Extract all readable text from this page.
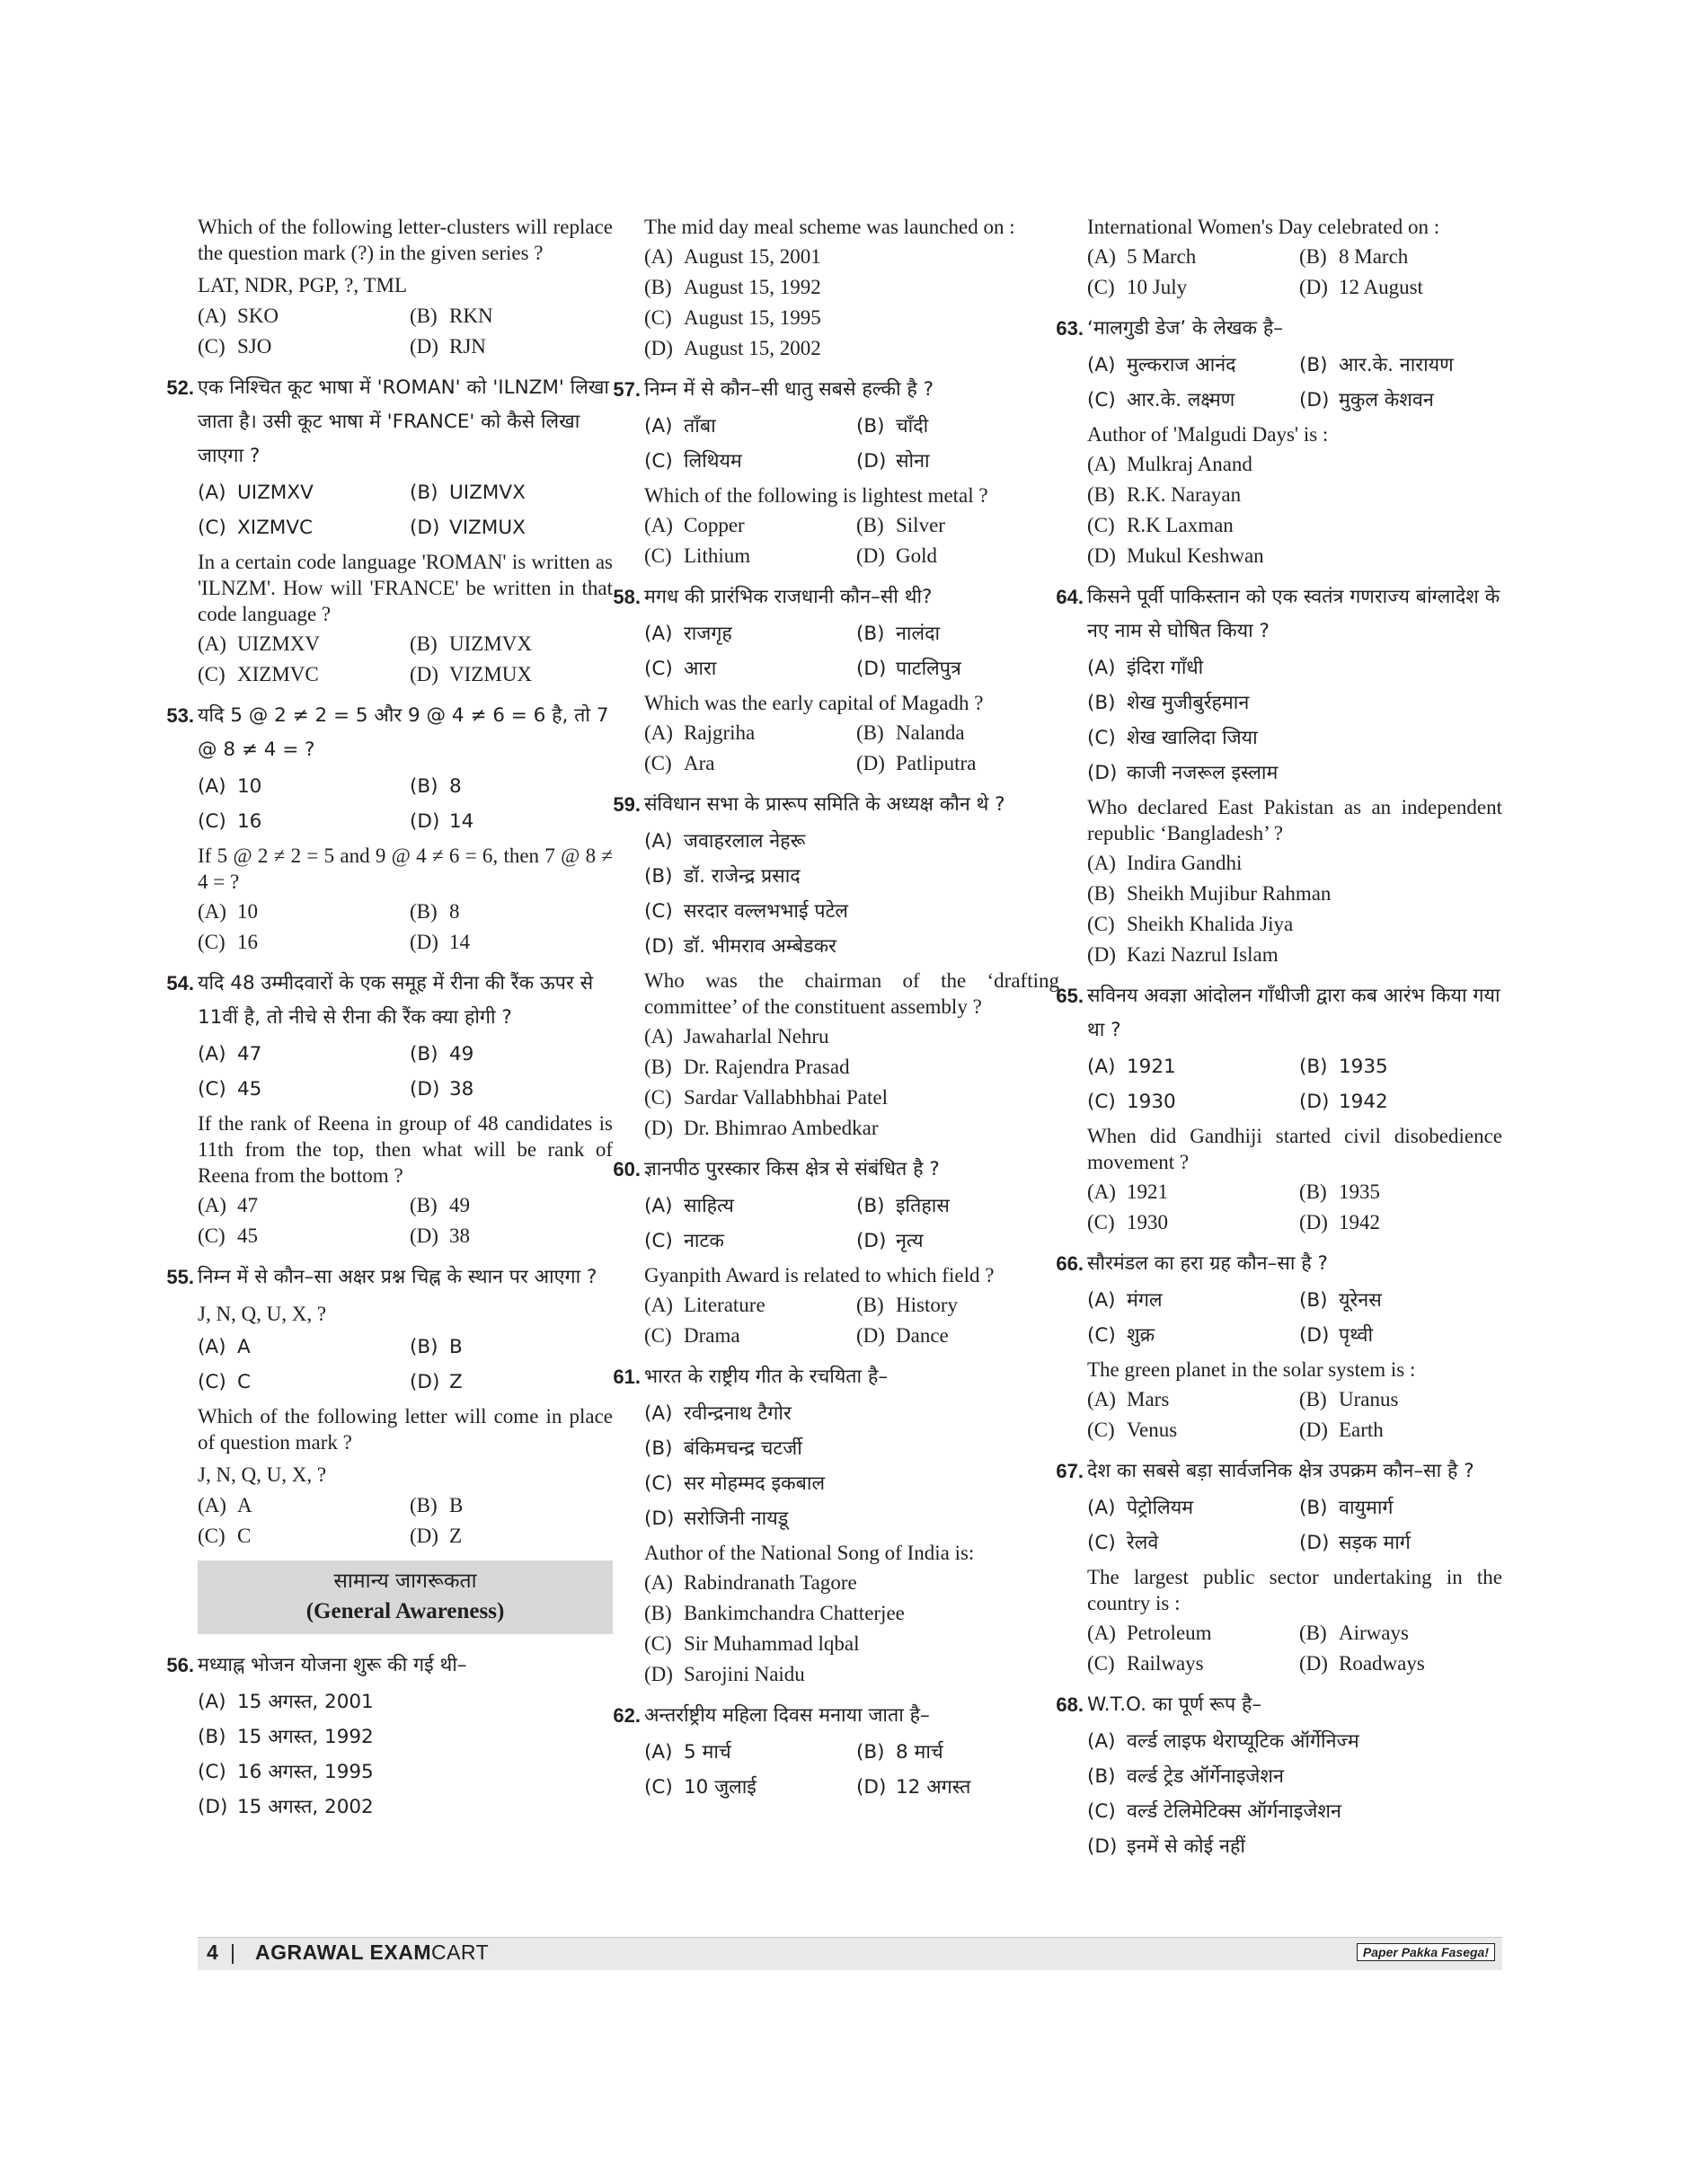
Which of the following letter-clusters will replace the question mark (?) in the given series ?

LAT, NDR, PGP, ?, TML

(A) SKO	(B) RKN
(C) SJO	(D) RJN
52. एक निश्चित कूट भाषा में 'ROMAN' को 'ILNZM' लिखा जाता है। उसी कूट भाषा में 'FRANCE' को कैसे लिखा जाएगा ?

(A) UIZMXV	(B) UIZMVX
(C) XIZMVC	(D) VIZMUX

In a certain code language 'ROMAN' is written as 'ILNZM'. How will 'FRANCE' be written in that code language ?

(A) UIZMXV	(B) UIZMVX
(C) XIZMVC	(D) VIZMUX
53. यदि 5 @ 2 ≠ 2 = 5 और 9 @ 4 ≠ 6 = 6 है, तो 7 @ 8 ≠ 4 = ?

(A) 10	(B) 8
(C) 16	(D) 14

If 5 @ 2 ≠ 2 = 5 and 9 @ 4 ≠ 6 = 6, then 7 @ 8 ≠ 4 = ?

(A) 10	(B) 8
(C) 16	(D) 14
54. यदि 48 उम्मीदवारों के एक समूह में रीना की रैंक ऊपर से 11वीं है, तो नीचे से रीना की रैंक क्या होगी ?

(A) 47	(B) 49
(C) 45	(D) 38

If the rank of Reena in group of 48 candidates is 11th from the top, then what will be rank of Reena from the bottom ?

(A) 47	(B) 49
(C) 45	(D) 38
55. निम्न में से कौन–सा अक्षर प्रश्न चिह्न के स्थान पर आएगा ?

J, N, Q, U, X, ?

(A) A	(B) B
(C) C	(D) Z

Which of the following letter will come in place of question mark ?

J, N, Q, U, X, ?

(A) A	(B) B
(C) C	(D) Z
सामान्य जागरूकता
(General Awareness)
56. मध्याह्न भोजन योजना शुरू की गई थी–

(A) 15 अगस्त, 2001
(B) 15 अगस्त, 1992
(C) 16 अगस्त, 1995
(D) 15 अगस्त, 2002

The mid day meal scheme was launched on :

(A) August 15, 2001
(B) August 15, 1992
(C) August 15, 1995
(D) August 15, 2002
57. निम्न में से कौन–सी धातु सबसे हल्की है ?

(A) ताँबा	(B) चाँदी
(C) लिथियम	(D) सोना

Which of the following is lightest metal ?

(A) Copper	(B) Silver
(C) Lithium	(D) Gold
58. मगध की प्रारंभिक राजधानी कौन–सी थी?

(A) राजगृह	(B) नालंदा
(C) आरा	(D) पाटलिपुत्र

Which was the early capital of Magadh ?

(A) Rajgriha	(B) Nalanda
(C) Ara	(D) Patliputra
59. संविधान सभा के प्रारूप समिति के अध्यक्ष कौन थे ?

(A) जवाहरलाल नेहरू
(B) डॉ. राजेन्द्र प्रसाद
(C) सरदार वल्लभभाई पटेल
(D) डॉ. भीमराव अम्बेडकर

Who was the chairman of the ‘drafting committee’ of the constituent assembly ?

(A) Jawaharlal Nehru
(B) Dr. Rajendra Prasad
(C) Sardar Vallabhbhai Patel
(D) Dr. Bhimrao Ambedkar
60. ज्ञानपीठ पुरस्कार किस क्षेत्र से संबंधित है ?

(A) साहित्य	(B) इतिहास
(C) नाटक	(D) नृत्य

Gyanpith Award is related to which field ?

(A) Literature	(B) History
(C) Drama	(D) Dance
61. भारत के राष्ट्रीय गीत के रचयिता है–

(A) रवीन्द्रनाथ टैगोर
(B) बंकिमचन्द्र चटर्जी
(C) सर मोहम्मद इकबाल
(D) सरोजिनी नायडू

Author of the National Song of India is:

(A) Rabindranath Tagore
(B) Bankimchandra Chatterjee
(C) Sir Muhammad lqbal
(D) Sarojini Naidu
62. अन्तर्राष्ट्रीय महिला दिवस मनाया जाता है–

(A) 5 मार्च	(B) 8 मार्च
(C) 10 जुलाई	(D) 12 अगस्त

International Women's Day celebrated on :

(A) 5 March	(B) 8 March
(C) 10 July	(D) 12 August
63. ‘मालगुडी डेज’ के लेखक है–

(A) मुल्कराज आनंद	(B) आर.के. नारायण
(C) आर.के. लक्ष्मण	(D) मुकुल केशवन

Author of 'Malgudi Days' is :

(A) Mulkraj Anand
(B) R.K. Narayan
(C) R.K Laxman
(D) Mukul Keshwan
64. किसने पूर्वी पाकिस्तान को एक स्वतंत्र गणराज्य बांग्लादेश के नए नाम से घोषित किया ?

(A) इंदिरा गाँधी
(B) शेख मुजीबुर्रहमान
(C) शेख खालिदा जिया
(D) काजी नजरूल इस्लाम

Who declared East Pakistan as an independent republic ‘Bangladesh’ ?

(A) Indira Gandhi
(B) Sheikh Mujibur Rahman
(C) Sheikh Khalida Jiya
(D) Kazi Nazrul Islam
65. सविनय अवज्ञा आंदोलन गाँधीजी द्वारा कब आरंभ किया गया था ?

(A) 1921	(B) 1935
(C) 1930	(D) 1942

When did Gandhiji started civil disobedience movement ?

(A) 1921	(B) 1935
(C) 1930	(D) 1942
66. सौरमंडल का हरा ग्रह कौन–सा है ?

(A) मंगल	(B) यूरेनस
(C) शुक्र	(D) पृथ्वी

The green planet in the solar system is :

(A) Mars	(B) Uranus
(C) Venus	(D) Earth
67. देश का सबसे बड़ा सार्वजनिक क्षेत्र उपक्रम कौन–सा है ?

(A) पेट्रोलियम	(B) वायुमार्ग
(C) रेलवे	(D) सड़क मार्ग

The largest public sector undertaking in the country is :

(A) Petroleum	(B) Airways
(C) Railways	(D) Roadways
68. W.T.O. का पूर्ण रूप है–

(A) वर्ल्ड लाइफ थेराप्यूटिक ऑर्गेनिज्म
(B) वर्ल्ड ट्रेड ऑर्गेनाइजेशन
(C) वर्ल्ड टेलिमेटिक्स ऑर्गनाइजेशन
(D) इनमें से कोई नहीं
4 | AGRAWAL EXAMCART	Paper Pakka Fasega!
